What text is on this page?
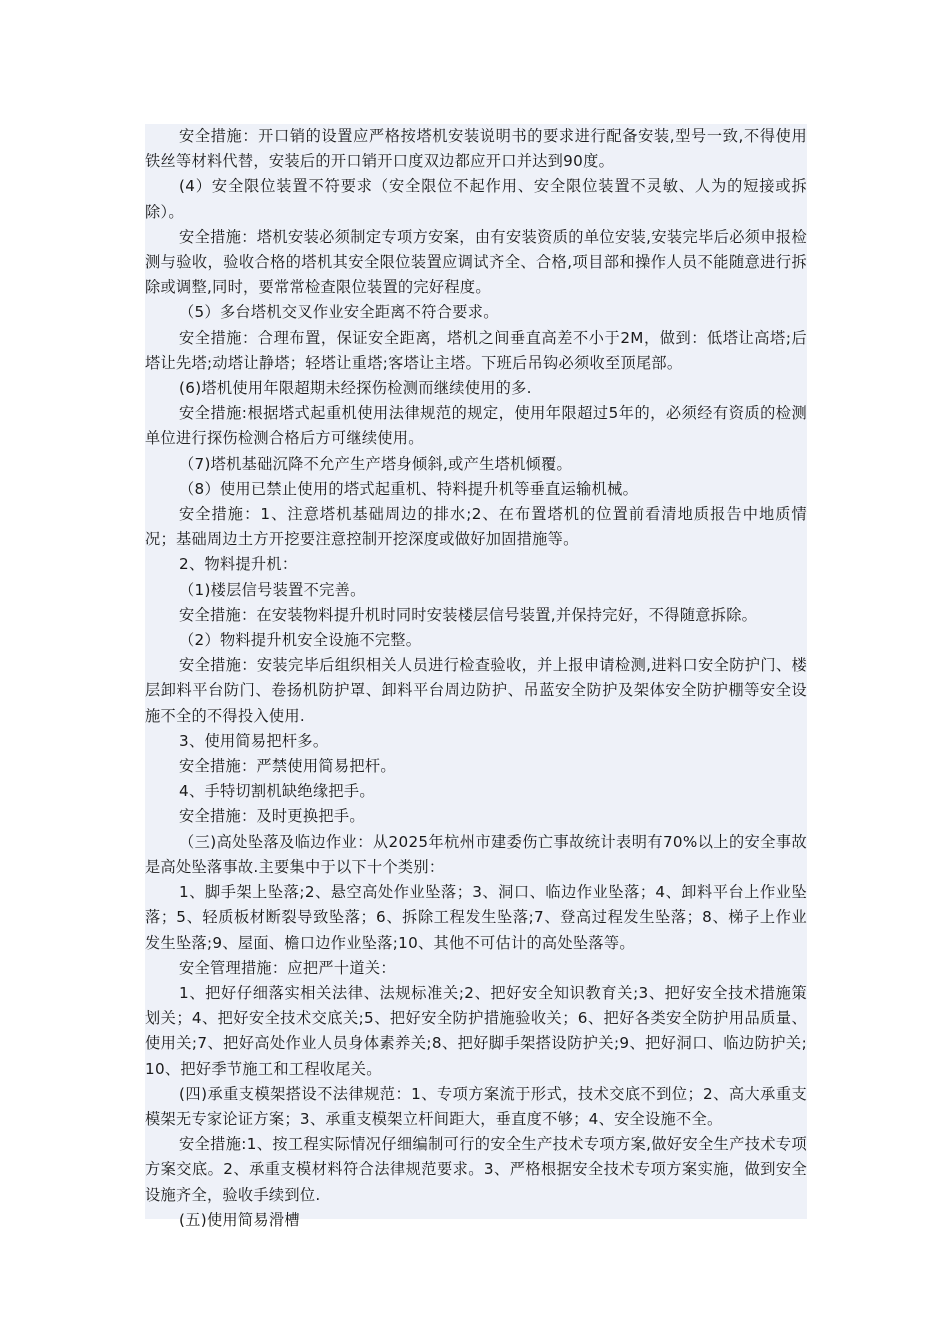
安全措施：开口销的设置应严格按塔机安装说明书的要求进行配备安装,型号一致,不得使用铁丝等材料代替，安装后的开口销开口度双边都应开口并达到90度。

(4）安全限位装置不符要求（安全限位不起作用、安全限位装置不灵敏、人为的短接或拆除）。

安全措施：塔机安装必须制定专项方安案，由有安装资质的单位安装,安装完毕后必须申报检测与验收，验收合格的塔机其安全限位装置应调试齐全、合格,项目部和操作人员不能随意进行拆除或调整,同时，要常常检查限位装置的完好程度。

（5）多台塔机交叉作业安全距离不符合要求。

安全措施：合理布置，保证安全距离，塔机之间垂直高差不小于2M，做到：低塔让高塔;后塔让先塔;动塔让静塔；轻塔让重塔;客塔让主塔。下班后吊钩必须收至顶尾部。

(6)塔机使用年限超期未经探伤检测而继续使用的多.

安全措施:根据塔式起重机使用法律规范的规定，使用年限超过5年的，必须经有资质的检测单位进行探伤检测合格后方可继续使用。

（7)塔机基础沉降不允产生产塔身倾斜,或产生塔机倾覆。

（8）使用已禁止使用的塔式起重机、特料提升机等垂直运输机械。

安全措施：1、注意塔机基础周边的排水;2、在布置塔机的位置前看清地质报告中地质情况；基础周边土方开挖要注意控制开挖深度或做好加固措施等。

2、物料提升机：

（1)楼层信号装置不完善。

安全措施：在安装物料提升机时同时安装楼层信号装置,并保持完好，不得随意拆除。

（2）物料提升机安全设施不完整。

安全措施：安装完毕后组织相关人员进行检查验收，并上报申请检测,进料口安全防护门、楼层卸料平台防门、卷扬机防护罩、卸料平台周边防护、吊蓝安全防护及架体安全防护棚等安全设施不全的不得投入使用.

3、使用简易把杆多。

安全措施：严禁使用简易把杆。

4、手特切割机缺绝缘把手。

安全措施：及时更换把手。

（三)高处坠落及临边作业：从2025年杭州市建委伤亡事故统计表明有70%以上的安全事故是高处坠落事故.主要集中于以下十个类别：

1、脚手架上坠落;2、悬空高处作业坠落；3、洞口、临边作业坠落；4、卸料平台上作业坠落；5、轻质板材断裂导致坠落；6、拆除工程发生坠落;7、登高过程发生坠落；8、梯子上作业发生坠落;9、屋面、檐口边作业坠落;10、其他不可估计的高处坠落等。

安全管理措施：应把严十道关：

1、把好仔细落实相关法律、法规标准关;2、把好安全知识教育关;3、把好安全技术措施策划关；4、把好安全技术交底关;5、把好安全防护措施验收关；6、把好各类安全防护用品质量、使用关;7、把好高处作业人员身体素养关;8、把好脚手架搭设防护关;9、把好洞口、临边防护关;10、把好季节施工和工程收尾关。

(四)承重支模架搭设不法律规范：1、专项方案流于形式，技术交底不到位；2、高大承重支模架无专家论证方案；3、承重支模架立杆间距大，垂直度不够；4、安全设施不全。

安全措施:1、按工程实际情况仔细编制可行的安全生产技术专项方案,做好安全生产技术专项方案交底。2、承重支模材料符合法律规范要求。3、严格根据安全技术专项方案实施，做到安全设施齐全，验收手续到位.

(五)使用简易滑槽
